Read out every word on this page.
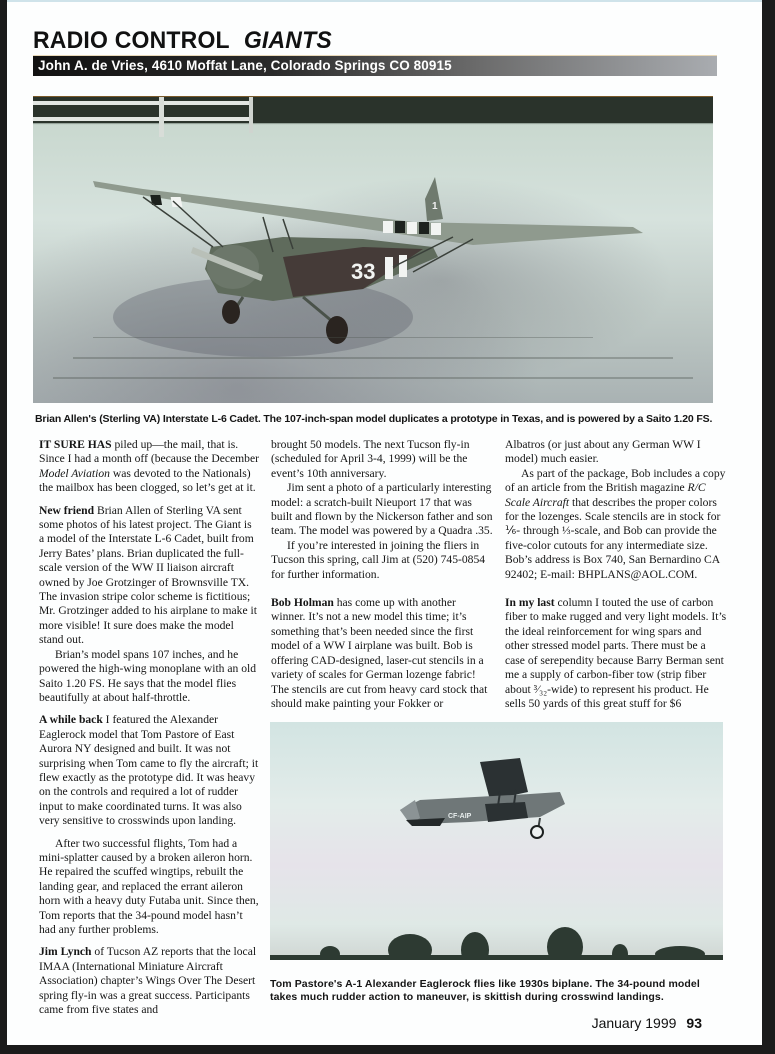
RADIO CONTROL GIANTS
John A. de Vries, 4610 Moffat Lane, Colorado Springs CO 80915
1
33
Brian Allen's (Sterling VA) Interstate L-6 Cadet. The 107-inch-span model duplicates a prototype in Texas, and is powered by a Saito 1.20 FS.

IT SURE HAS piled up—the mail, that is. Since I had a month off (because the December Model Aviation was devoted to the Nationals) the mailbox has been clogged, so let’s get at it.

New friend Brian Allen of Sterling VA sent some photos of his latest project. The Giant is a model of the Interstate L-6 Cadet, built from Jerry Bates’ plans. Brian duplicated the full-scale version of the WW II liaison aircraft owned by Joe Grotzinger of Brownsville TX. The invasion stripe color scheme is fictitious; Mr. Grotzinger added to his airplane to make it more visible! It sure does make the model stand out.

Brian’s model spans 107 inches, and he powered the high-wing monoplane with an old Saito 1.20 FS. He says that the model flies beautifully at about half-throttle.

A while back I featured the Alexander Eaglerock model that Tom Pastore of East Aurora NY designed and built. It was not surprising when Tom came to fly the aircraft; it flew exactly as the prototype did. It was heavy on the controls and required a lot of rudder input to make coordinated turns. It was also very sensitive to crosswinds upon landing.

After two successful flights, Tom had a mini-splatter caused by a broken aileron horn. He repaired the scuffed wingtips, rebuilt the landing gear, and replaced the errant aileron horn with a heavy duty Futaba unit. Since then, Tom reports that the 34-pound model hasn’t had any further problems.

Jim Lynch of Tucson AZ reports that the local IMAA (International Miniature Aircraft Association) chapter’s Wings Over The Desert spring fly-in was a great success. Participants came from five states and

brought 50 models. The next Tucson fly-in (scheduled for April 3-4, 1999) will be the event’s 10th anniversary.

Jim sent a photo of a particularly interesting model: a scratch-built Nieuport 17 that was built and flown by the Nickerson father and son team. The model was powered by a Quadra .35.

If you’re interested in joining the fliers in Tucson this spring, call Jim at (520) 745-0854 for further information.

Bob Holman has come up with another winner. It’s not a new model this time; it’s something that’s been needed since the first model of a WW I airplane was built. Bob is offering CAD-designed, laser-cut stencils in a variety of scales for German lozenge fabric! The stencils are cut from heavy card stock that should make painting your Fokker or

Albatros (or just about any German WW I model) much easier.

As part of the package, Bob includes a copy of an article from the British magazine R/C Scale Aircraft that describes the proper colors for the lozenges. Scale stencils are in stock for ⅙- through ⅓-scale, and Bob can provide the five-color cutouts for any intermediate size. Bob’s address is Box 740, San Bernardino CA 92402; E-mail: BHPLANS@AOL.COM.

In my last column I touted the use of carbon fiber to make rugged and very light models. It’s the ideal reinforcement for wing spars and other stressed model parts. There must be a case of serependity because Barry Berman sent me a supply of carbon-fiber tow (strip fiber about ³⁄₃₂-wide) to represent his product. He sells 50 yards of this great stuff for $6

CF-AIP
Tom Pastore's A-1 Alexander Eaglerock flies like 1930s biplane. The 34-pound model takes much rudder action to maneuver, is skittish during crosswind landings.
January 1999 93
